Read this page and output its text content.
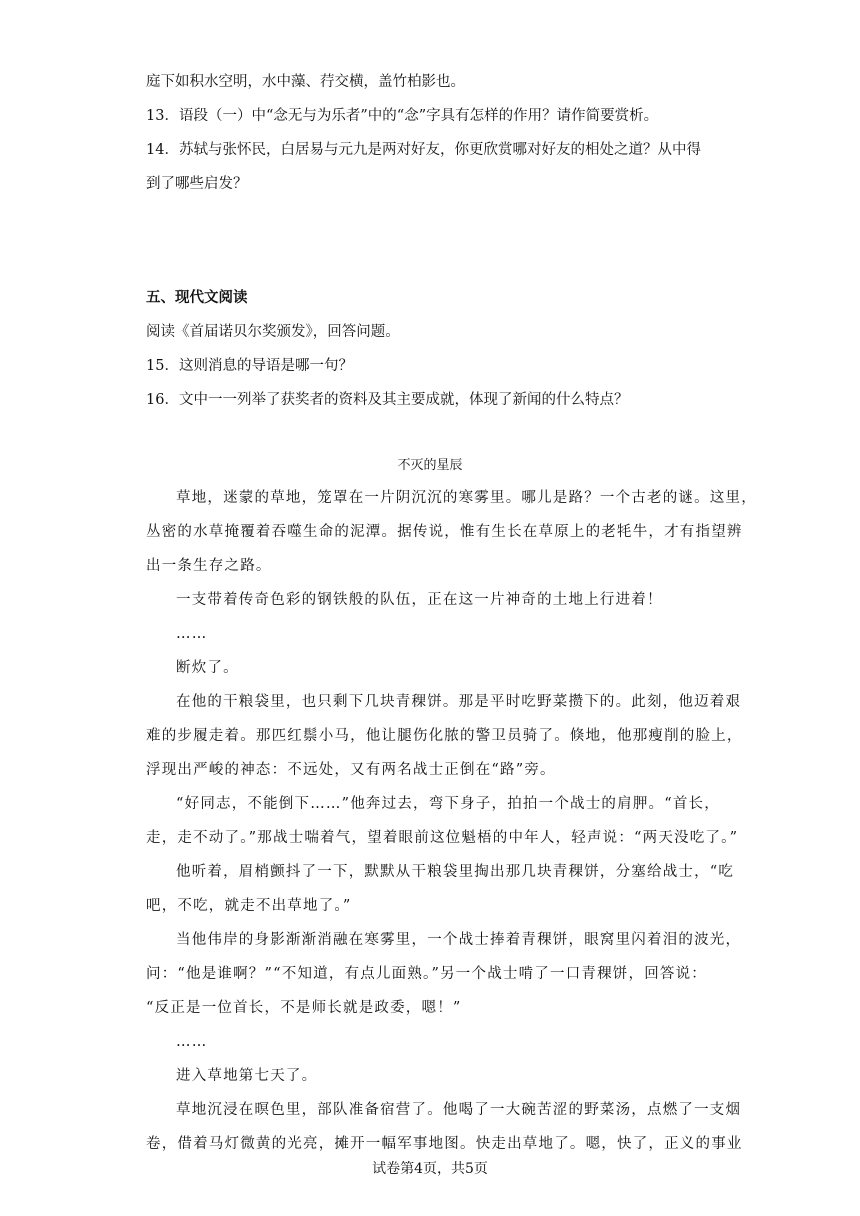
庭下如积水空明，水中藻、荇交横，盖竹柏影也。
13．语段（一）中“念无与为乐者”中的“念”字具有怎样的作用？请作简要赏析。
14．苏轼与张怀民，白居易与元九是两对好友，你更欣赏哪对好友的相处之道？从中得
到了哪些启发？
五、现代文阅读
阅读《首届诺贝尔奖颁发》，回答问题。
15．这则消息的导语是哪一句？
16．文中一一列举了获奖者的资料及其主要成就，体现了新闻的什么特点？
不灭的星辰
草地，迷蒙的草地，笼罩在一片阴沉沉的寒雾里。哪儿是路？一个古老的谜。这里，
丛密的水草掩覆着吞噬生命的泥潭。据传说，惟有生长在草原上的老牦牛，才有指望辨
出一条生存之路。
一支带着传奇色彩的钢铁般的队伍，正在这一片神奇的土地上行进着！
……
断炊了。
在他的干粮袋里，也只剩下几块青稞饼。那是平时吃野菜攒下的。此刻，他迈着艰
难的步履走着。那匹红鬃小马，他让腿伤化脓的警卫员骑了。倏地，他那瘦削的脸上，
浮现出严峻的神态：不远处，又有两名战士正倒在“路”旁。
“好同志，不能倒下……”他奔过去，弯下身子，拍拍一个战士的肩胛。“首长，
走，走不动了。”那战士喘着气，望着眼前这位魁梧的中年人，轻声说：“两天没吃了。”
他听着，眉梢颤抖了一下，默默从干粮袋里掏出那几块青稞饼，分塞给战士，“吃
吧，不吃，就走不出草地了。”
当他伟岸的身影渐渐消融在寒雾里，一个战士捧着青稞饼，眼窝里闪着泪的波光，
问：“他是谁啊？”“不知道，有点儿面熟。”另一个战士啃了一口青稞饼，回答说：
“反正是一位首长，不是师长就是政委，嗯！”
……
进入草地第七天了。
草地沉浸在暝色里，部队准备宿营了。他喝了一大碗苦涩的野菜汤，点燃了一支烟
卷，借着马灯微黄的光亮，摊开一幅军事地图。快走出草地了。嗯，快了，正义的事业
试卷第4页，共5页
